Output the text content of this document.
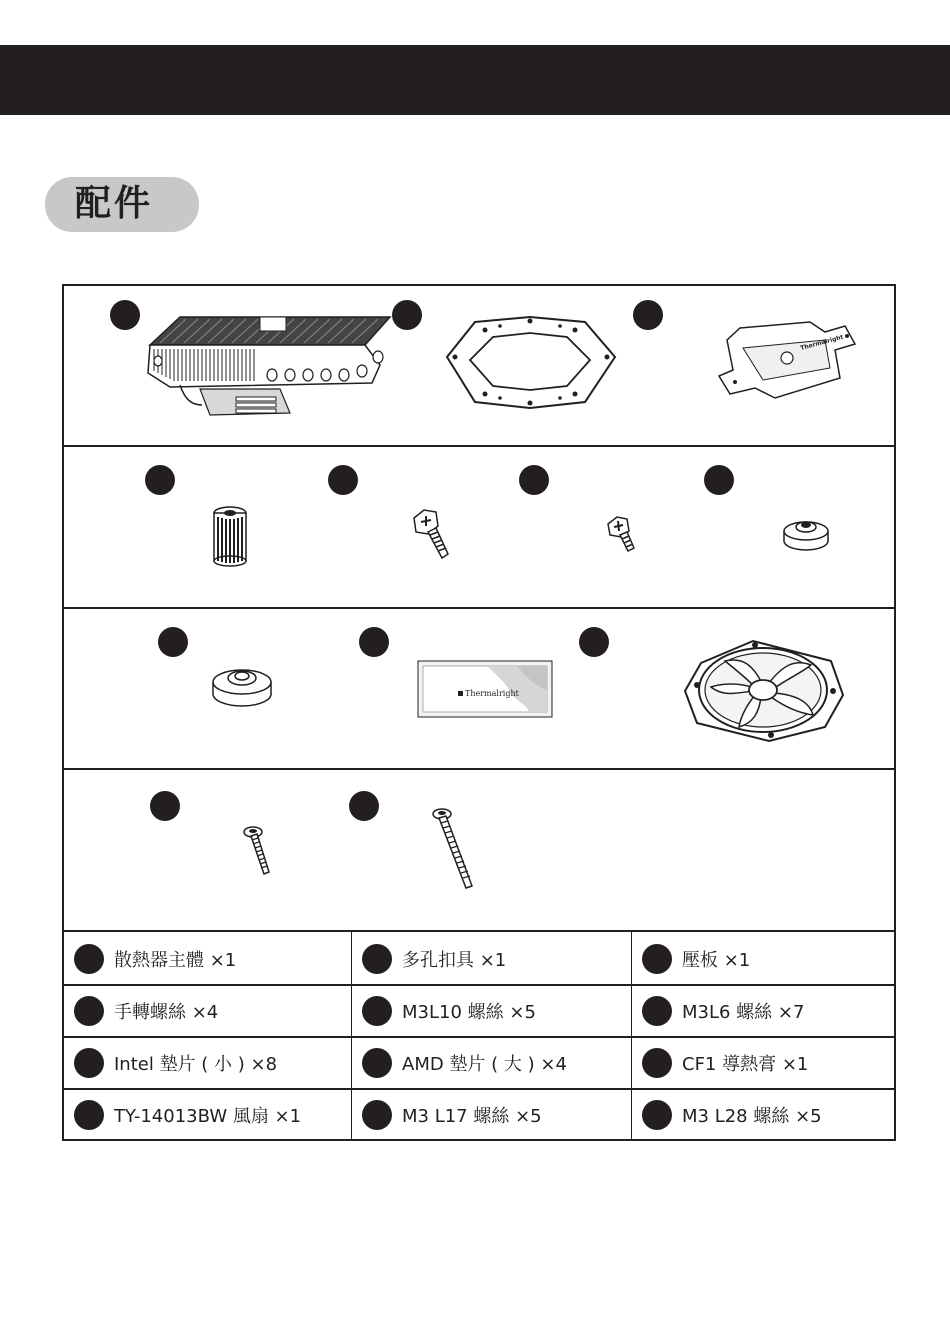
配件
Thermalright
Thermalright
散熱器主體 ×1	多孔扣具 ×1	壓板 ×1
手轉螺絲 ×4	M3L10 螺絲 ×5	M3L6 螺絲 ×7
Intel 墊片 ( 小 ) ×8	AMD 墊片 ( 大 ) ×4	CF1 導熱膏 ×1
TY-14013BW 風扇 ×1	M3 L17 螺絲 ×5	M3 L28 螺絲 ×5
